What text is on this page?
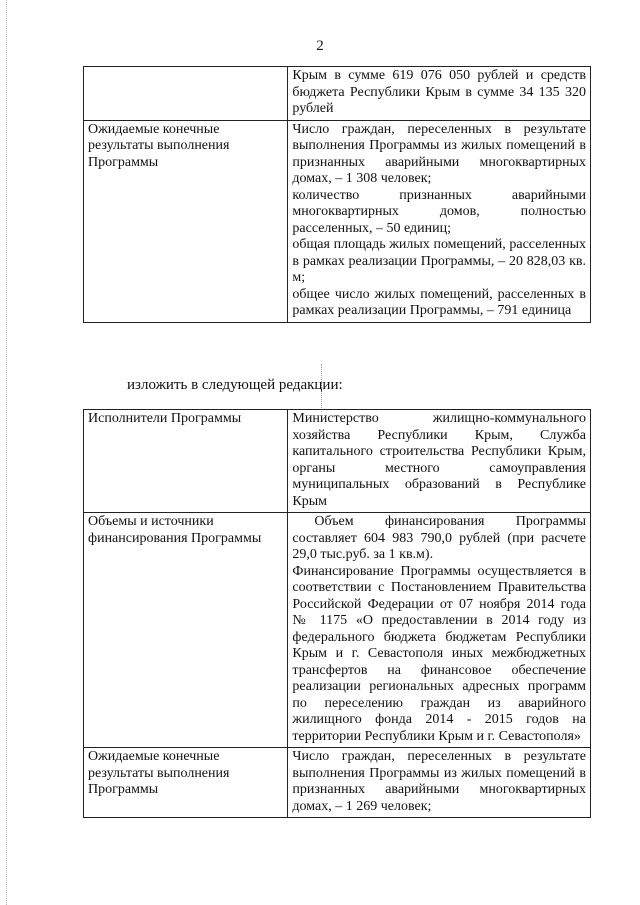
2

	Крым в сумме 619 076 050 рублей и средств бюджета Республики Крым в сумме 34 135 320 рублей

Ожидаемые конечные результаты выполнения Программы	Число граждан, переселенных в результате выполнения Программы из жилых помещений в признанных аварийными многоквартирных домах, – 1 308 человек;
количество признанных аварийными многоквартирных домов, полностью расселенных, – 50 единиц;
общая площадь жилых помещений, расселенных в рамках реализации Программы, – 20 828,03 кв. м;
общее число жилых помещений, расселенных в рамках реализации Программы, – 791 единица
изложить в следующей редакции:
Исполнители Программы	Министерство жилищно-коммунального хозяйства Республики Крым, Служба капитального строительства Республики Крым, органы местного самоуправления муниципальных образований в Республике Крым

Объемы и источники финансирования Программы	Объем финансирования Программы составляет 604 983 790,0 рублей (при расчете 29,0 тыс.руб. за 1 кв.м).
Финансирование Программы осуществляется в соответствии с Постановлением Правительства Российской Федерации от 07 ноября 2014 года № 1175 «О предоставлении в 2014 году из федерального бюджета бюджетам Республики Крым и г. Севастополя иных межбюджетных трансфертов на финансовое обеспечение реализации региональных адресных программ по переселению граждан из аварийного жилищного фонда 2014 - 2015 годов на территории Республики Крым и г. Севастополя»

Ожидаемые конечные результаты выполнения Программы	Число граждан, переселенных в результате выполнения Программы из жилых помещений в признанных аварийными многоквартирных домах, – 1 269 человек;
